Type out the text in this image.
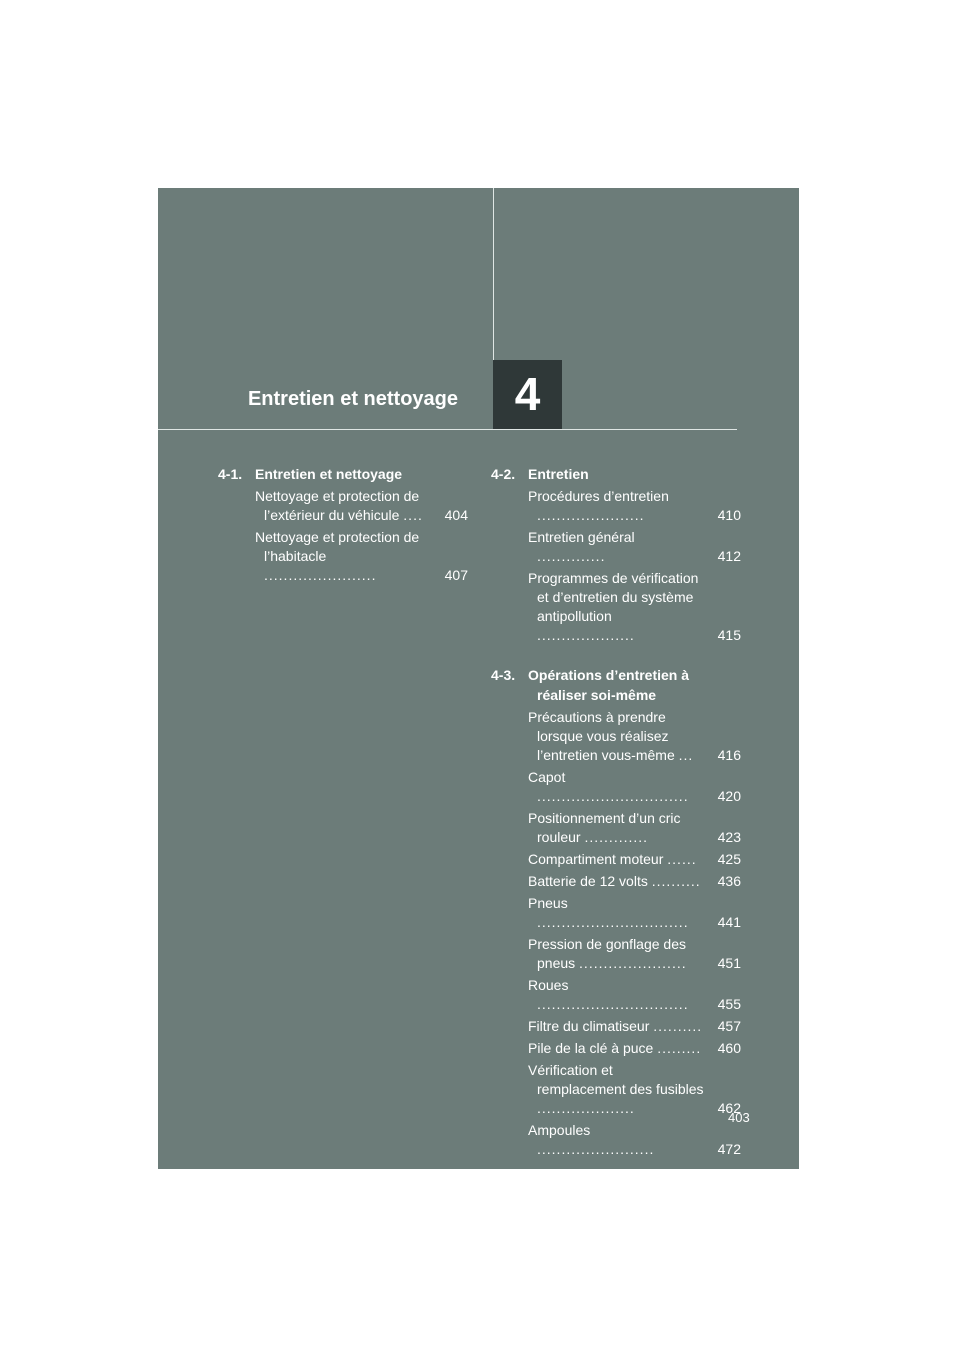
4
Entretien et nettoyage
4-1. Entretien et nettoyage
Nettoyage et protection de l’extérieur du véhicule ....	404
Nettoyage et protection de l’habitacle .......................	407
4-2. Entretien
Procédures d’entretien ......................	410
Entretien général ..............	412
Programmes de vérification et d’entretien du système antipollution ....................	415
4-3. Opérations d’entretien à réaliser soi-même
Précautions à prendre lorsque vous réalisez l’entretien vous-même ...	416
Capot ...............................	420
Positionnement d’un cric rouleur .............	423
Compartiment moteur ......	425
Batterie de 12 volts ..........	436
Pneus ...............................	441
Pression de gonflage des pneus ......................	451
Roues ...............................	455
Filtre du climatiseur .......... 457
Pile de la clé à puce ......... 460
Vérification et remplacement des fusibles ....................	462
Ampoules ........................	472
403
